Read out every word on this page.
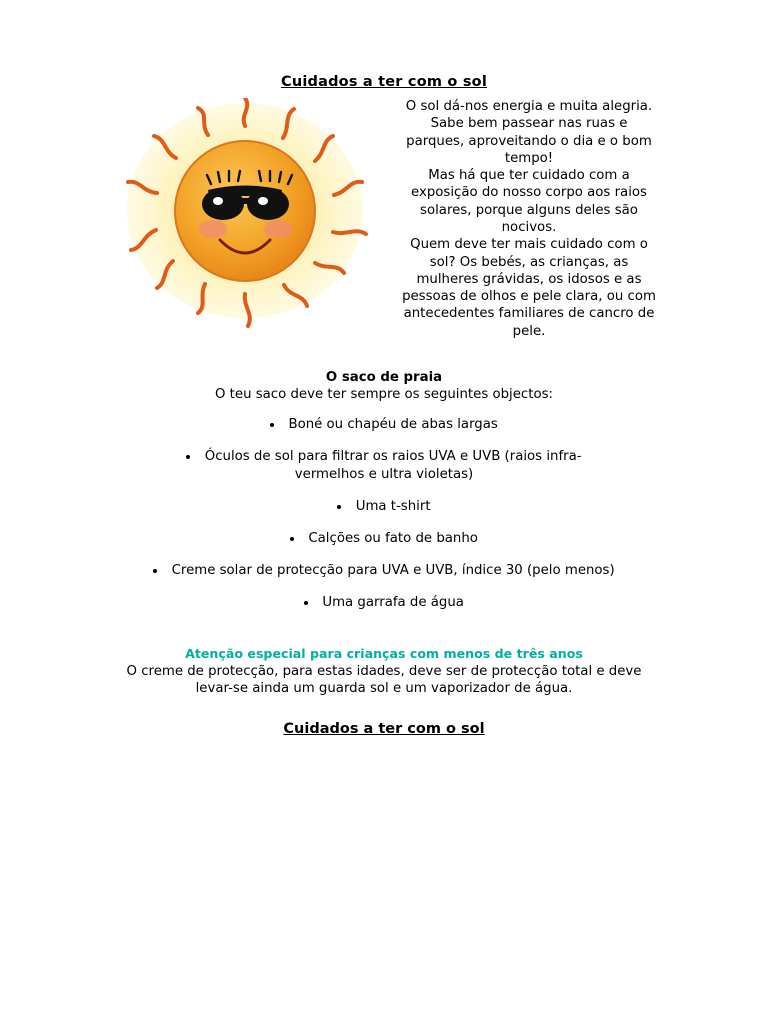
Cuidados a ter com o sol

O sol dá-nos energia e muita alegria.

Sabe bem passear nas ruas e parques, aproveitando o dia e o bom tempo!

Mas há que ter cuidado com a exposição do nosso corpo aos raios solares, porque alguns deles são nocivos.

Quem deve ter mais cuidado com o sol? Os bebés, as crianças, as mulheres grávidas, os idosos e as pessoas de olhos e pele clara, ou com antecedentes familiares de cancro de pele.

O saco de praia

O teu saco deve ter sempre os seguintes objectos:

• Boné ou chapéu de abas largas
• Óculos de sol para filtrar os raios UVA e UVB (raios infra-vermelhos e ultra violetas)
• Uma t-shirt
• Calções ou fato de banho
• Creme solar de protecção para UVA e UVB, índice 30 (pelo menos)
• Uma garrafa de água
Atenção especial para crianças com menos de três anos

O creme de protecção, para estas idades, deve ser de protecção total e deve levar-se ainda um guarda sol e um vaporizador de água.

Cuidados a ter com o sol
